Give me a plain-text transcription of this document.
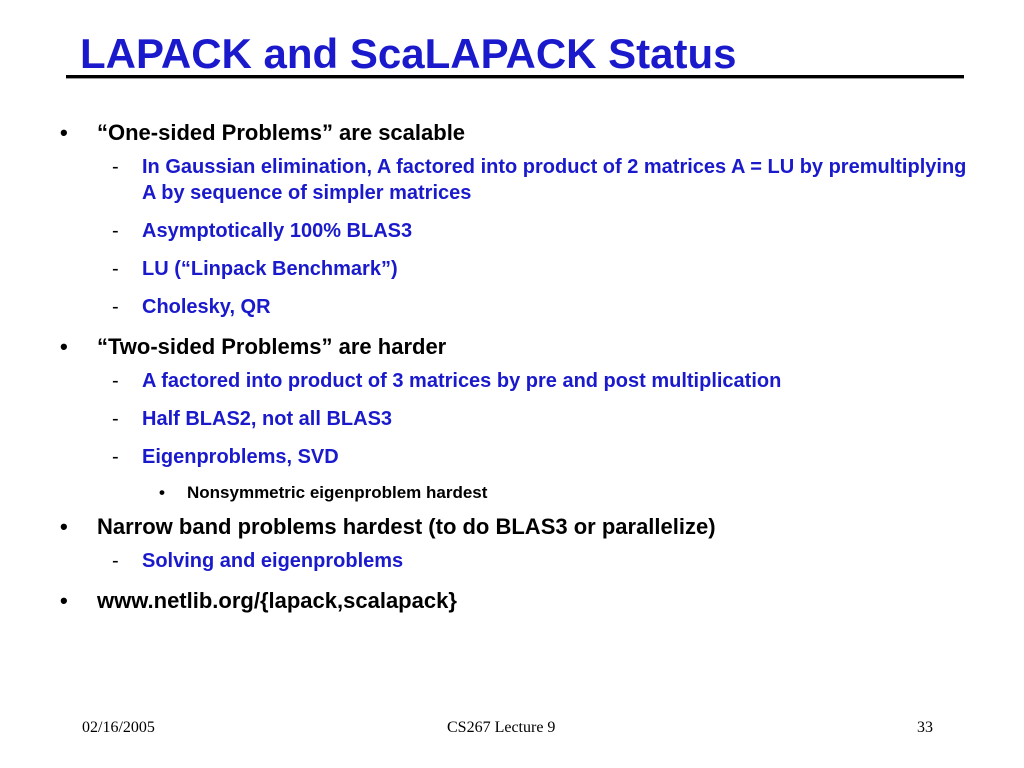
LAPACK and ScaLAPACK Status
• “One-sided Problems” are scalable
- In Gaussian elimination, A factored into product of 2 matrices A = LU by premultiplying A by sequence of simpler matrices
- Asymptotically 100% BLAS3
- LU (“Linpack Benchmark”)
- Cholesky, QR
• “Two-sided Problems” are harder
- A factored into product of 3 matrices by pre and post multiplication
- Half BLAS2, not all BLAS3
- Eigenproblems, SVD
• Nonsymmetric eigenproblem hardest
• Narrow band problems hardest (to do BLAS3 or parallelize)
- Solving and eigenproblems
• www.netlib.org/{lapack,scalapack}
02/16/2005	CS267 Lecture 9	33
